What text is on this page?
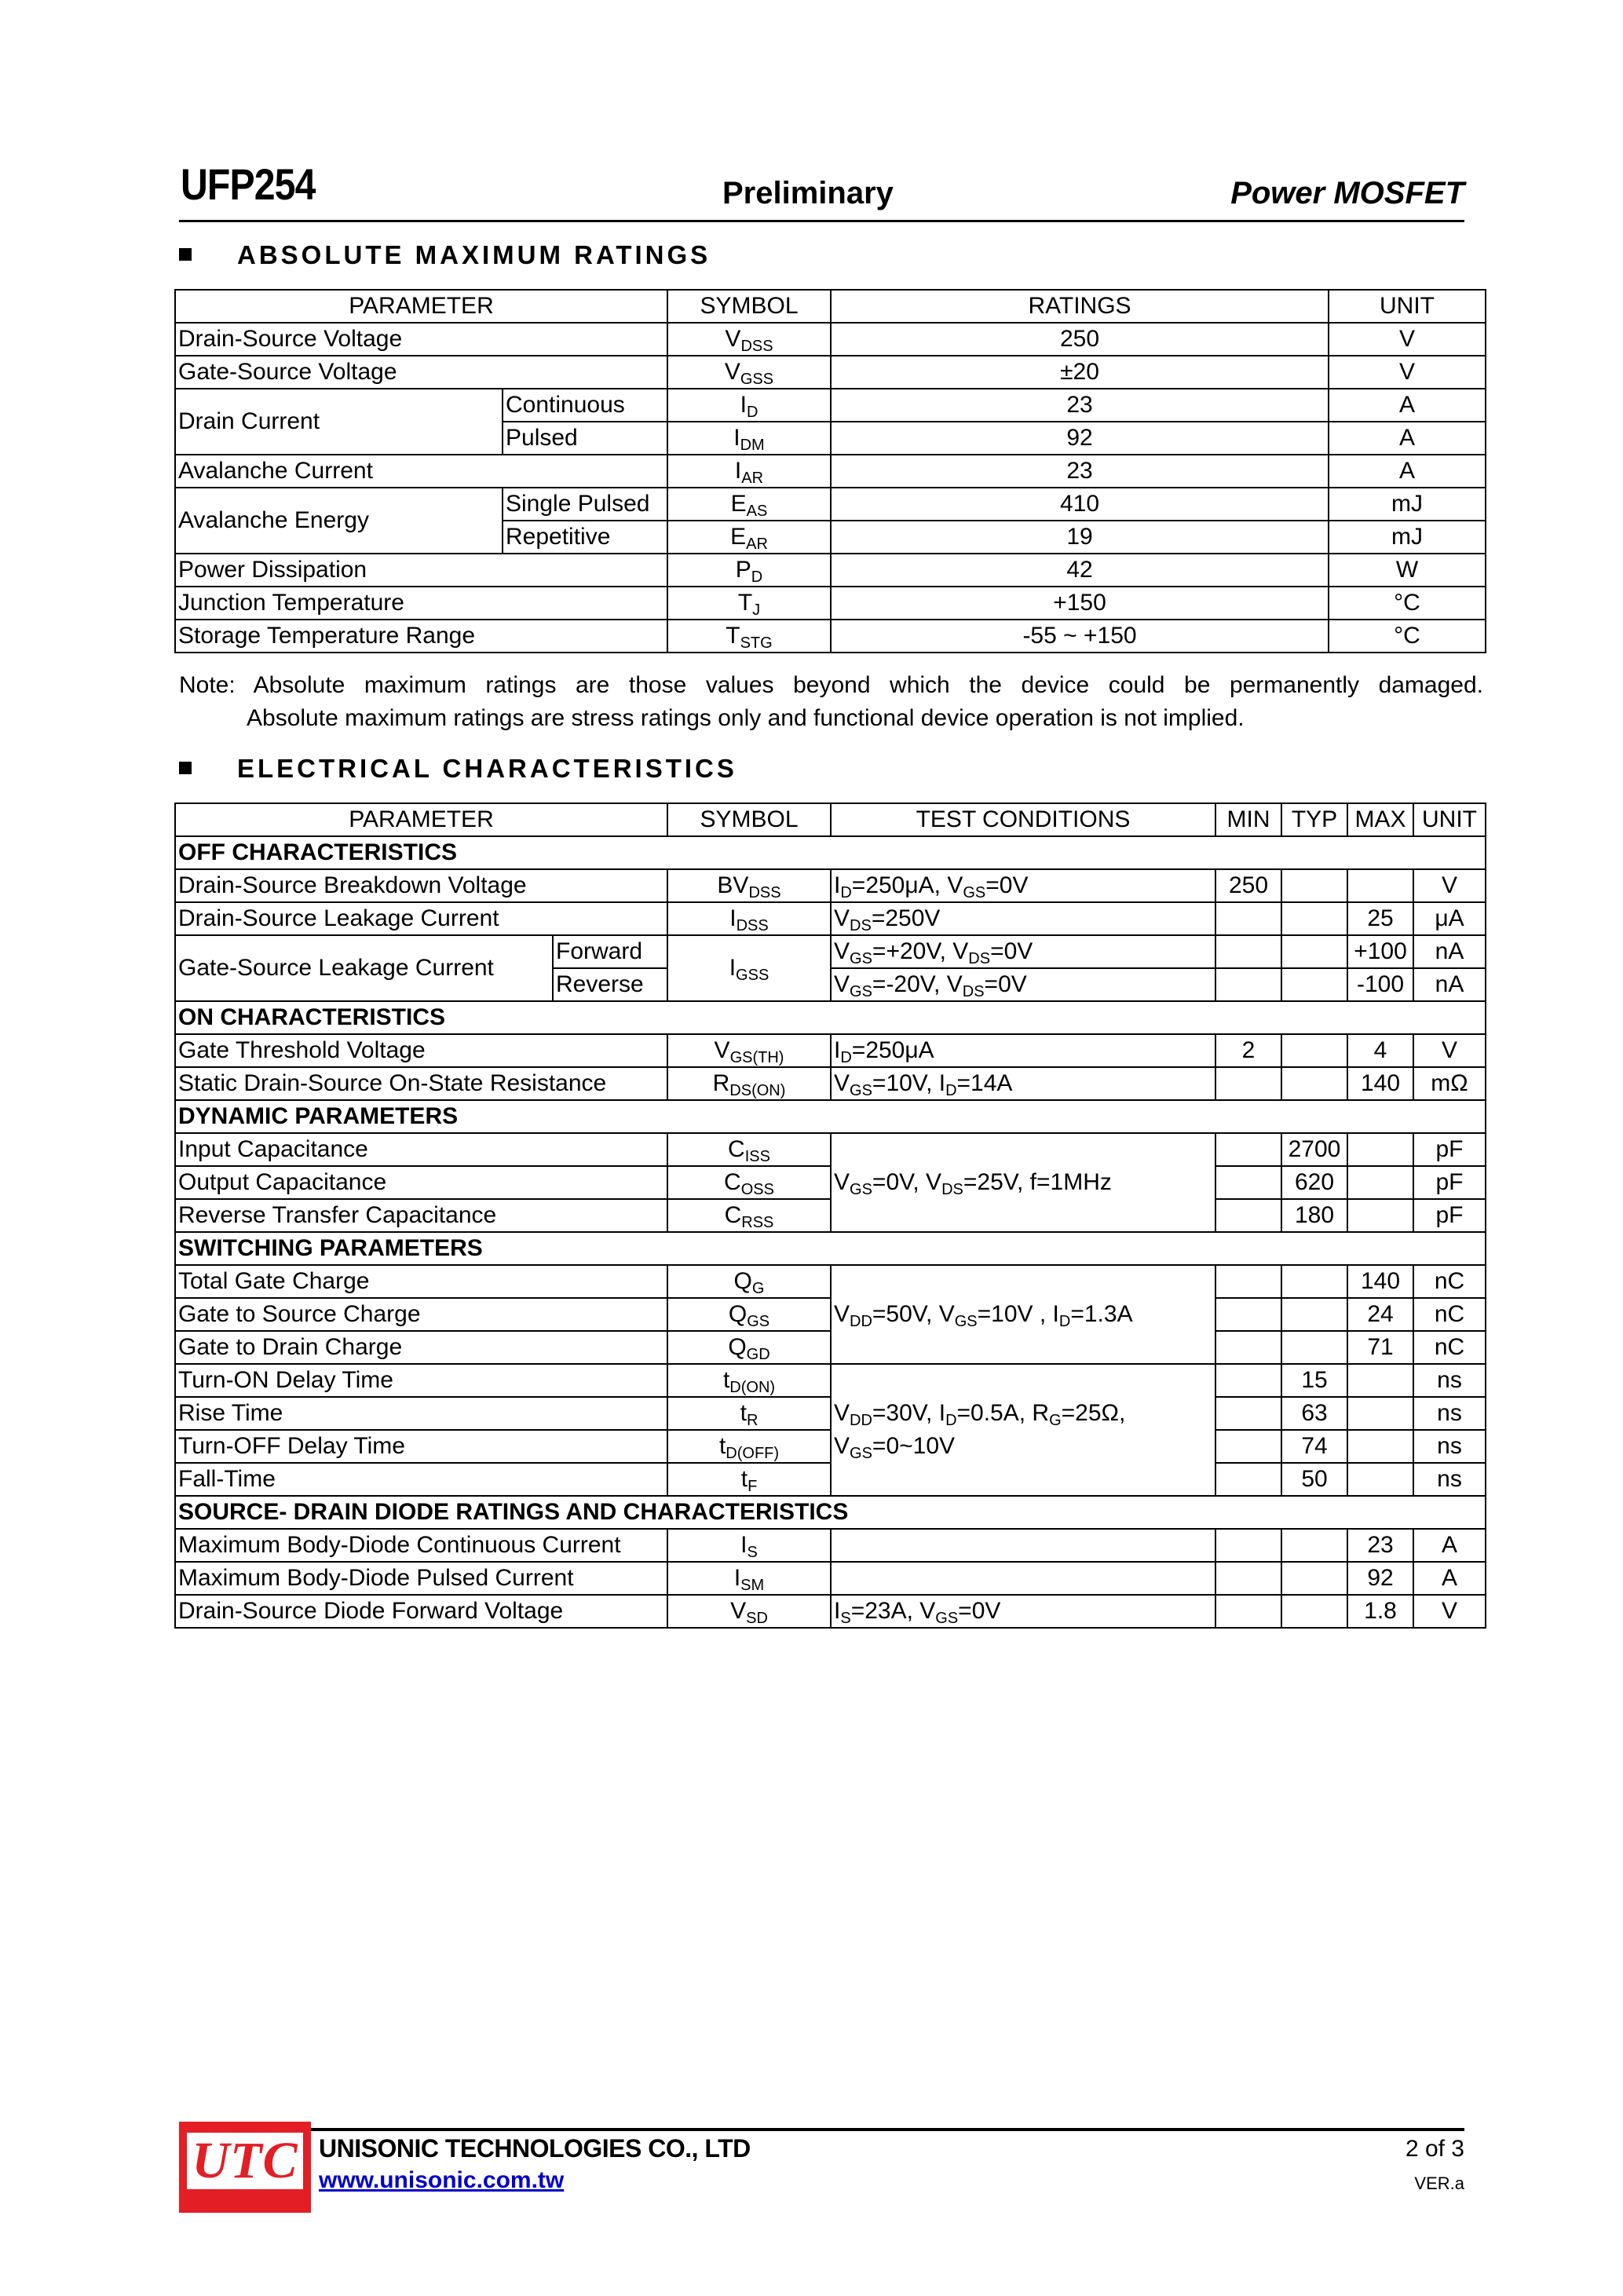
UFP254	Preliminary	Power MOSFET
ABSOLUTE MAXIMUM RATINGS
PARAMETER		SYMBOL	RATINGS	UNIT
Drain-Source Voltage		$V_{DSS}$	250	V
Gate-Source Voltage		$V_{GSS}$	±20	V
Drain Current	Continuous	$I_D$	23	A
	Pulsed	$I_{DM}$	92	A
Avalanche Current		$I_{AR}$	23	A
Avalanche Energy	Single Pulsed	$E_{AS}$	410	mJ
	Repetitive	$E_{AR}$	19	mJ
Power Dissipation		$P_D$	42	W
Junction Temperature		$T_J$	+150	°C
Storage Temperature Range		$T_{STG}$	-55 ~ +150	°C
Note: Absolute maximum ratings are those values beyond which the device could be permanently damaged.
Absolute maximum ratings are stress ratings only and functional device operation is not implied.
ELECTRICAL CHARACTERISTICS
PARAMETER		SYMBOL	TEST CONDITIONS	MIN	TYP	MAX	UNIT
OFF CHARACTERISTICS							
Drain-Source Breakdown Voltage		$BV_{DSS}$	$I_D=250\mu A$, $V_{GS}=0V$	250			V
Drain-Source Leakage Current		$I_{DSS}$	$V_{DS}=250V$			25	μA
Gate-Source Leakage Current	Forward	$I_{GSS}$	$V_{GS}=+20V$, $V_{DS}=0V$			+100	nA
	Reverse		$V_{GS}=-20V$, $V_{DS}=0V$			-100	nA
ON CHARACTERISTICS							
Gate Threshold Voltage		$V_{GS(TH)}$	$I_D=250\mu A$	2		4	V
Static Drain-Source On-State Resistance		$R_{DS(ON)}$	$V_{GS}=10V$, $I_D=14A$			140	mΩ
DYNAMIC PARAMETERS							
Input Capacitance		$C_{ISS}$	$V_{GS}=0V$, $V_{DS}=25V$, f=1MHz		2700		pF
Output Capacitance		$C_{OSS}$			620		pF
Reverse Transfer Capacitance		$C_{RSS}$			180		pF
SWITCHING PARAMETERS							
Total Gate Charge		$Q_G$	$V_{DD}=50V$, $V_{GS}=10V$ , $I_D=1.3A$			140	nC
Gate to Source Charge		$Q_{GS}$				24	nC
Gate to Drain Charge		$Q_{GD}$				71	nC
Turn-ON Delay Time		$t_{D(ON)}$	$V_{DD}=30V$, $I_D=0.5A$, $R_G=25\Omega$,
$V_{GS}=0\sim 10V$		15		ns
Rise Time		$t_R$			63		ns
Turn-OFF Delay Time		$t_{D(OFF)}$			74		ns
Fall-Time		$t_F$			50		ns
SOURCE- DRAIN DIODE RATINGS AND CHARACTERISTICS							
Maximum Body-Diode Continuous Current		$I_S$				23	A
Maximum Body-Diode Pulsed Current		$I_{SM}$				92	A
Drain-Source Diode Forward Voltage		$V_{SD}$	$I_S=23A$, $V_{GS}=0V$			1.8	V
UTC UNISONIC TECHNOLOGIES CO., LTD
www.unisonic.com.tw
2 of 3
VER.a
